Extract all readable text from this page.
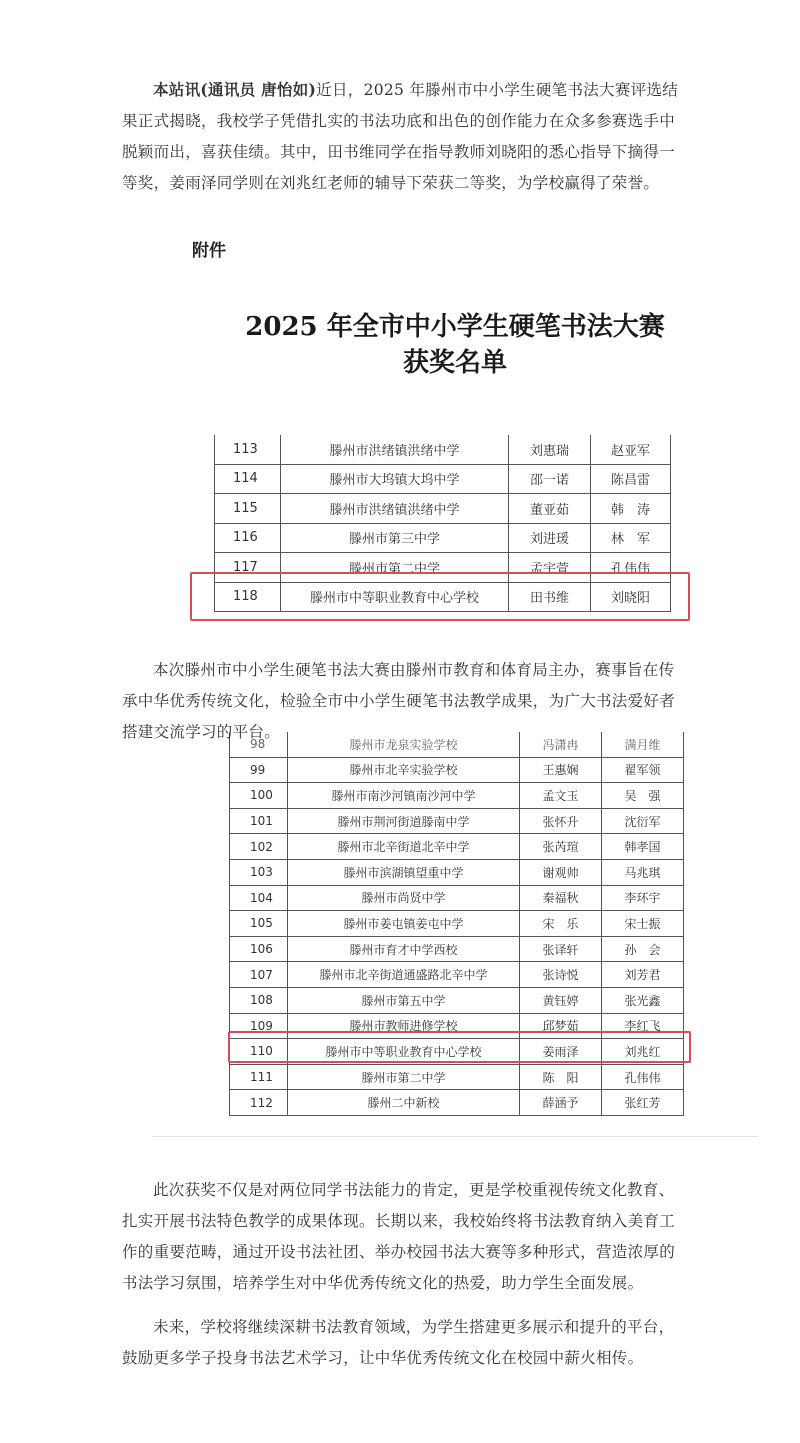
本站讯(通讯员 唐怡如)近日，2025 年滕州市中小学生硬笔书法大赛评选结果正式揭晓，我校学子凭借扎实的书法功底和出色的创作能力在众多参赛选手中脱颖而出，喜获佳绩。其中，田书维同学在指导教师刘晓阳的悉心指导下摘得一等奖，姜雨泽同学则在刘兆红老师的辅导下荣获二等奖，为学校赢得了荣誉。

附件
2025 年全市中小学生硬笔书法大赛
获奖名单
113	滕州市洪绪镇洪绪中学	刘惠瑞	赵亚军
114	滕州市大坞镇大坞中学	邵一诺	陈昌雷
115	滕州市洪绪镇洪绪中学	董亚茹	韩　涛
116	滕州市第三中学	刘进瑗	林　军
117	滕州市第二中学	孟宇萱	孔伟伟
118	滕州市中等职业教育中心学校	田书维	刘晓阳

本次滕州市中小学生硬笔书法大赛由滕州市教育和体育局主办，赛事旨在传承中华优秀传统文化，检验全市中小学生硬笔书法教学成果，为广大书法爱好者搭建交流学习的平台。

98	滕州市龙泉实验学校	冯潇冉	满月维
99	滕州市北辛实验学校	王惠娴	翟军领
100	滕州市南沙河镇南沙河中学	孟文玉	吴　强
101	滕州市荆河街道滕南中学	张怀升	沈衍军
102	滕州市北辛街道北辛中学	张芮瑄	韩孝国
103	滕州市滨湖镇望重中学	谢观帅	马兆琪
104	滕州市尚贤中学	秦福秋	李环宇
105	滕州市姜屯镇姜屯中学	宋　乐	宋士振
106	滕州市育才中学西校	张译轩	孙　会
107	滕州市北辛街道通盛路北辛中学	张诗悦	刘芳君
108	滕州市第五中学	黄钰婷	张光鑫
109	滕州市教师进修学校	邱梦茹	李红飞
110	滕州市中等职业教育中心学校	姜雨泽	刘兆红
111	滕州市第二中学	陈　阳	孔伟伟
112	滕州二中新校	薛涵予	张红芳

此次获奖不仅是对两位同学书法能力的肯定，更是学校重视传统文化教育、扎实开展书法特色教学的成果体现。长期以来，我校始终将书法教育纳入美育工作的重要范畴，通过开设书法社团、举办校园书法大赛等多种形式，营造浓厚的书法学习氛围，培养学生对中华优秀传统文化的热爱，助力学生全面发展。

未来，学校将继续深耕书法教育领域，为学生搭建更多展示和提升的平台，鼓励更多学子投身书法艺术学习，让中华优秀传统文化在校园中薪火相传。
